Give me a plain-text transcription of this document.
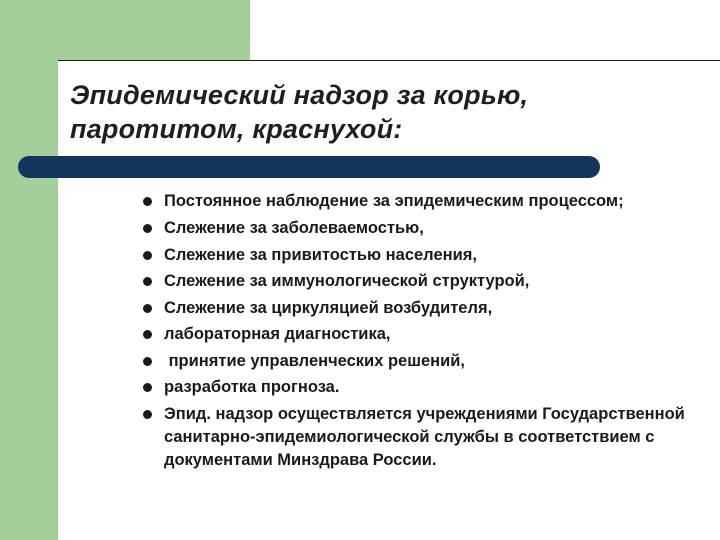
Эпидемический надзор за корью,
паротитом, краснухой:
Постоянное наблюдение за эпидемическим процессом;
Слежение за заболеваемостью,
Слежение за привитостью населения,
Слежение за иммунологической структурой,
Слежение за циркуляцией возбудителя,
лабораторная диагностика,
принятие управленческих решений,
разработка прогноза.
Эпид. надзор осуществляется учреждениями Государственной санитарно-эпидемиологической службы в соответствием с документами Минздрава России.
